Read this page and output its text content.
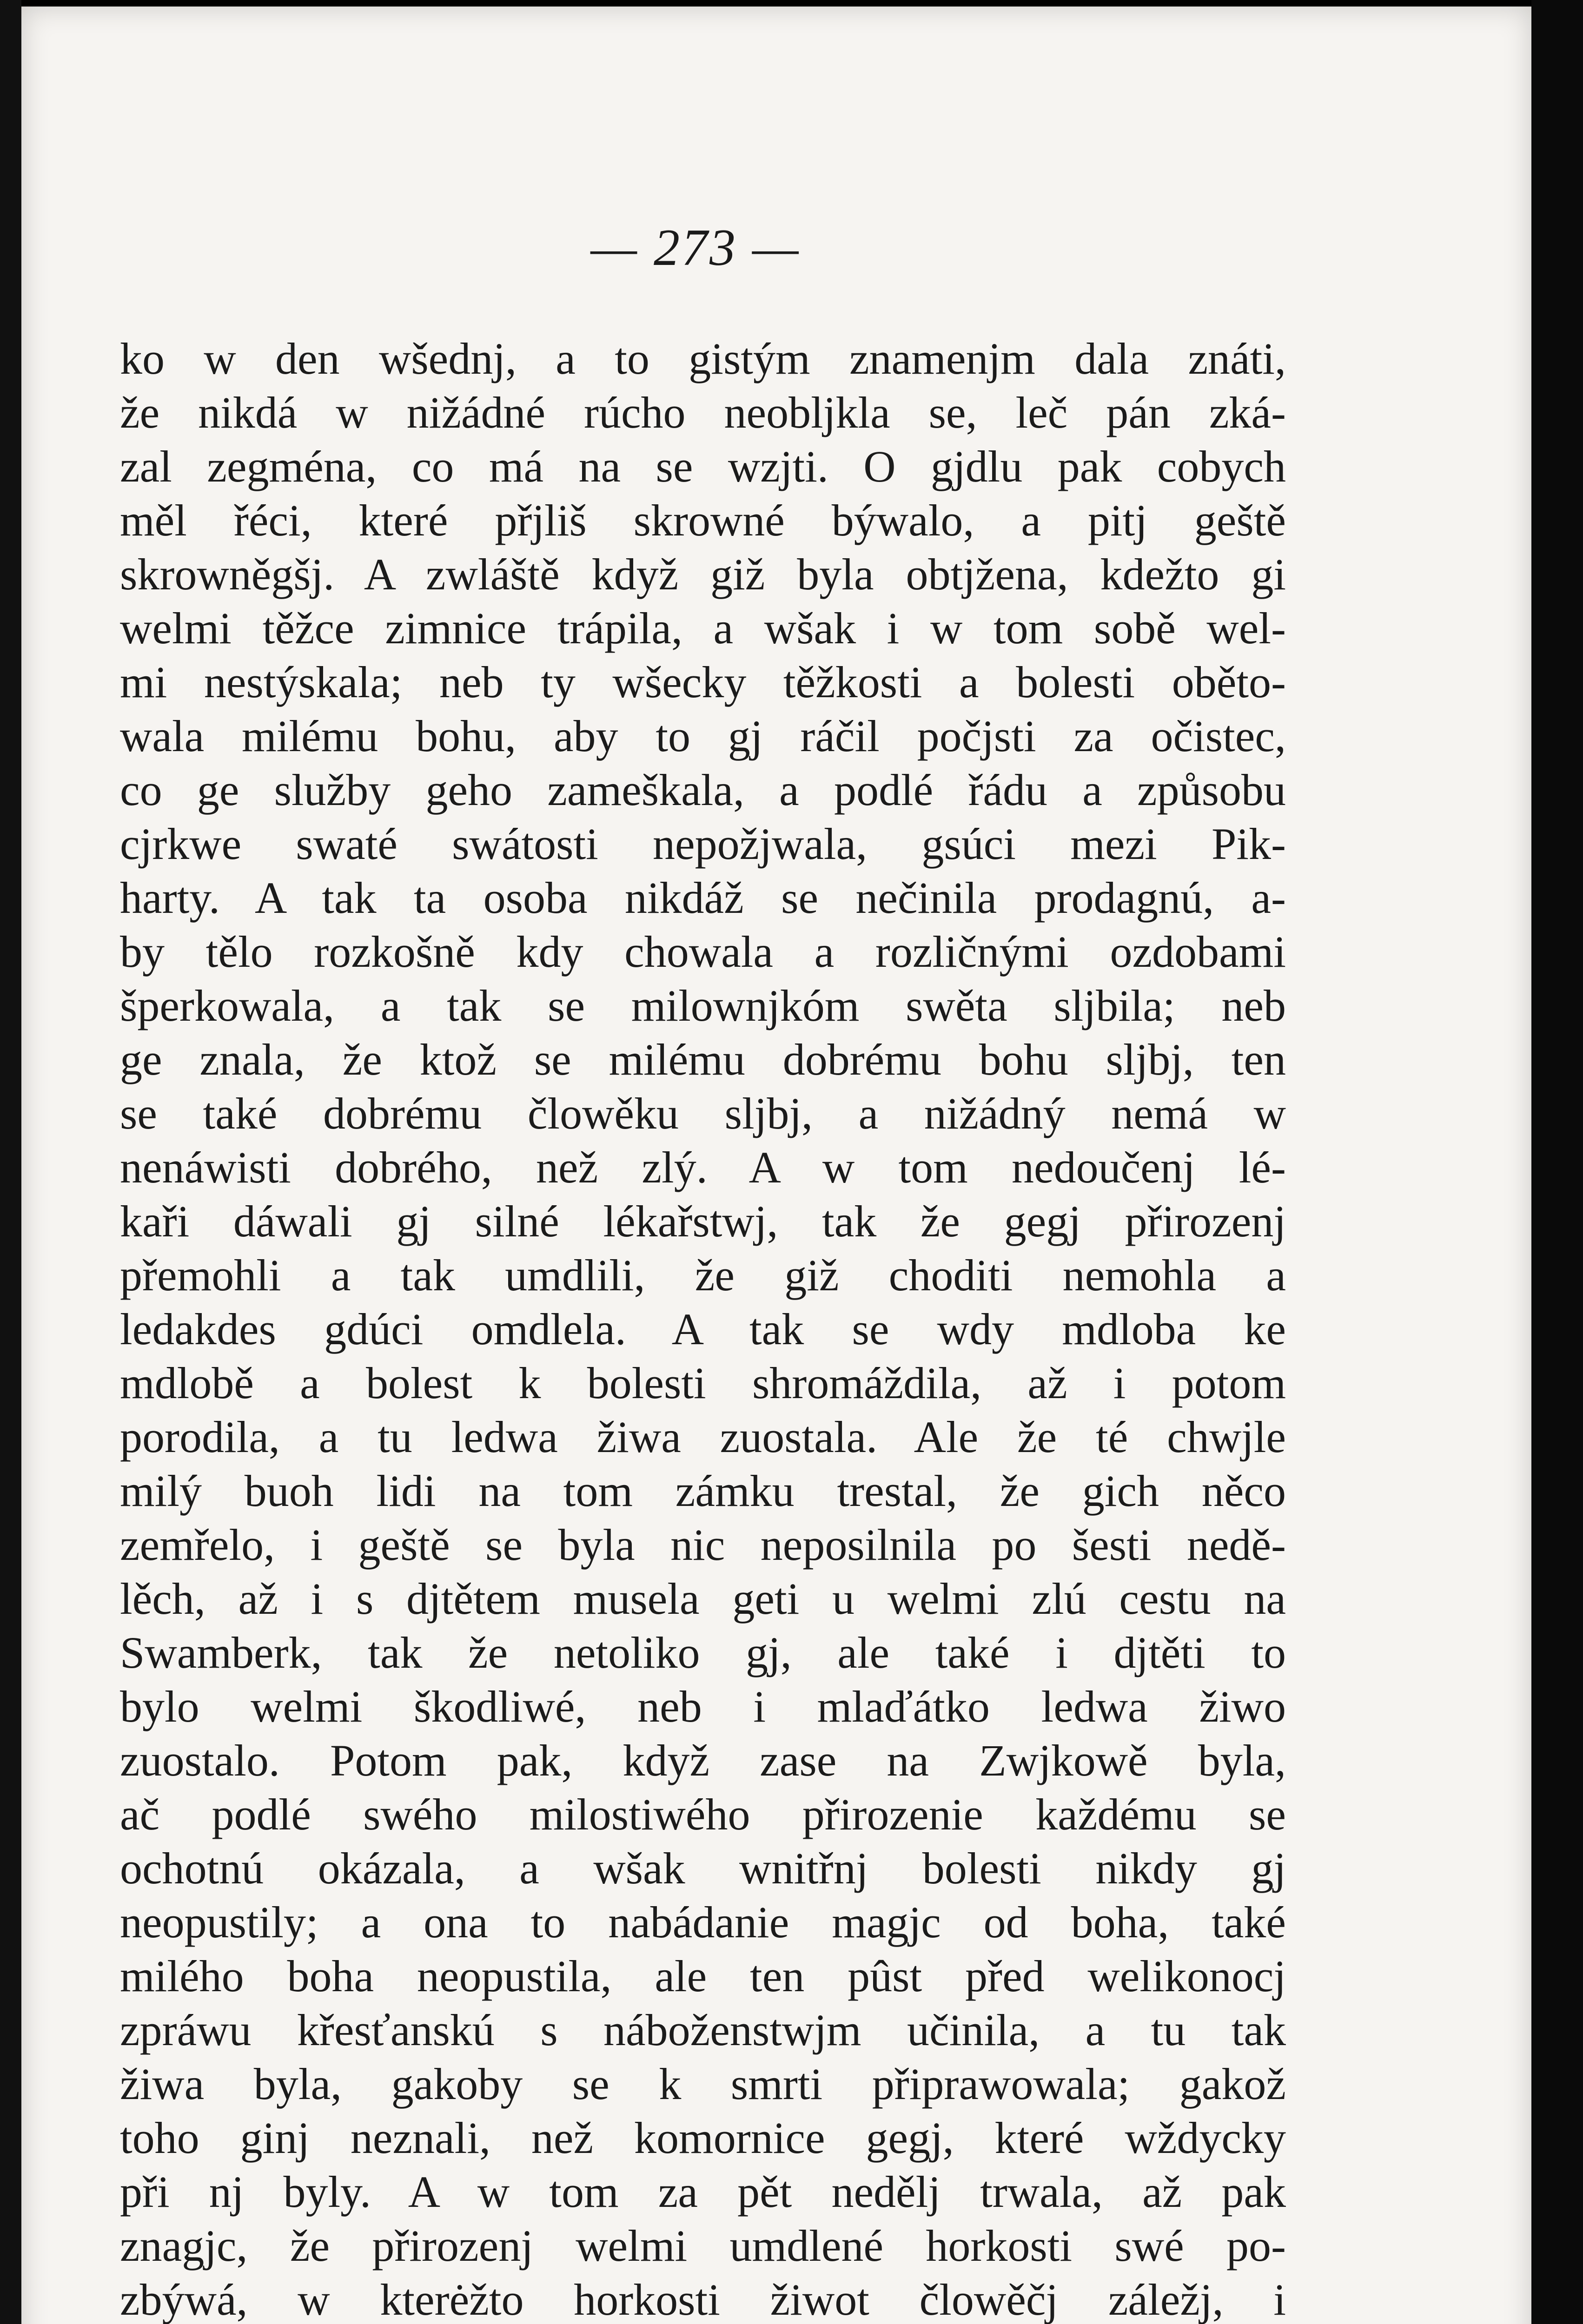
— 273 —
ko w den wšednj, a to gistým znamenjm dala znáti,
že nikdá w nižádné rúcho neobljkla se, leč pán zká-
zal zegména, co má na se wzjti. O gjdlu pak cobych
měl řéci, které přjliš skrowné býwalo, a pitj geště
skrowněgšj. A zwláště když giž byla obtjžena, kdežto gi
welmi těžce zimnice trápila, a wšak i w tom sobě wel-
mi nestýskala; neb ty wšecky těžkosti a bolesti oběto-
wala milému bohu, aby to gj ráčil počjsti za očistec,
co ge služby geho zameškala, a podlé řádu a způsobu
cjrkwe swaté swátosti nepožjwala, gsúci mezi Pik-
harty. A tak ta osoba nikdáž se nečinila prodagnú, a-
by tělo rozkošně kdy chowala a rozličnými ozdobami
šperkowala, a tak se milownjkóm swěta sljbila; neb
ge znala, že ktož se milému dobrému bohu sljbj, ten
se také dobrému člowěku sljbj, a nižádný nemá w
nenáwisti dobrého, než zlý. A w tom nedoučenj lé-
kaři dáwali gj silné lékařstwj, tak že gegj přirozenj
přemohli a tak umdlili, že giž choditi nemohla a
ledakdes gdúci omdlela. A tak se wdy mdloba ke
mdlobě a bolest k bolesti shromáždila, až i potom
porodila, a tu ledwa žiwa zuostala. Ale že té chwjle
milý buoh lidi na tom zámku trestal, že gich něco
zemřelo, i geště se byla nic neposilnila po šesti nedě-
lěch, až i s djtětem musela geti u welmi zlú cestu na
Swamberk, tak že netoliko gj, ale také i djtěti to
bylo welmi škodliwé, neb i mlaďátko ledwa žiwo
zuostalo. Potom pak, když zase na Zwjkowě byla,
ač podlé swého milostiwého přirozenie každému se
ochotnú okázala, a wšak wnitřnj bolesti nikdy gj
neopustily; a ona to nabádanie magjc od boha, také
milého boha neopustila, ale ten pûst před welikonocj
zpráwu křesťanskú s náboženstwjm učinila, a tu tak
žiwa byla, gakoby se k smrti připrawowala; gakož
toho ginj neznali, než komornice gegj, které wždycky
při nj byly. A w tom za pět nedělj trwala, až pak
znagjc, že přirozenj welmi umdlené horkosti swé po-
zbýwá, w kterėžto horkosti žiwot člowěčj záležj, i
